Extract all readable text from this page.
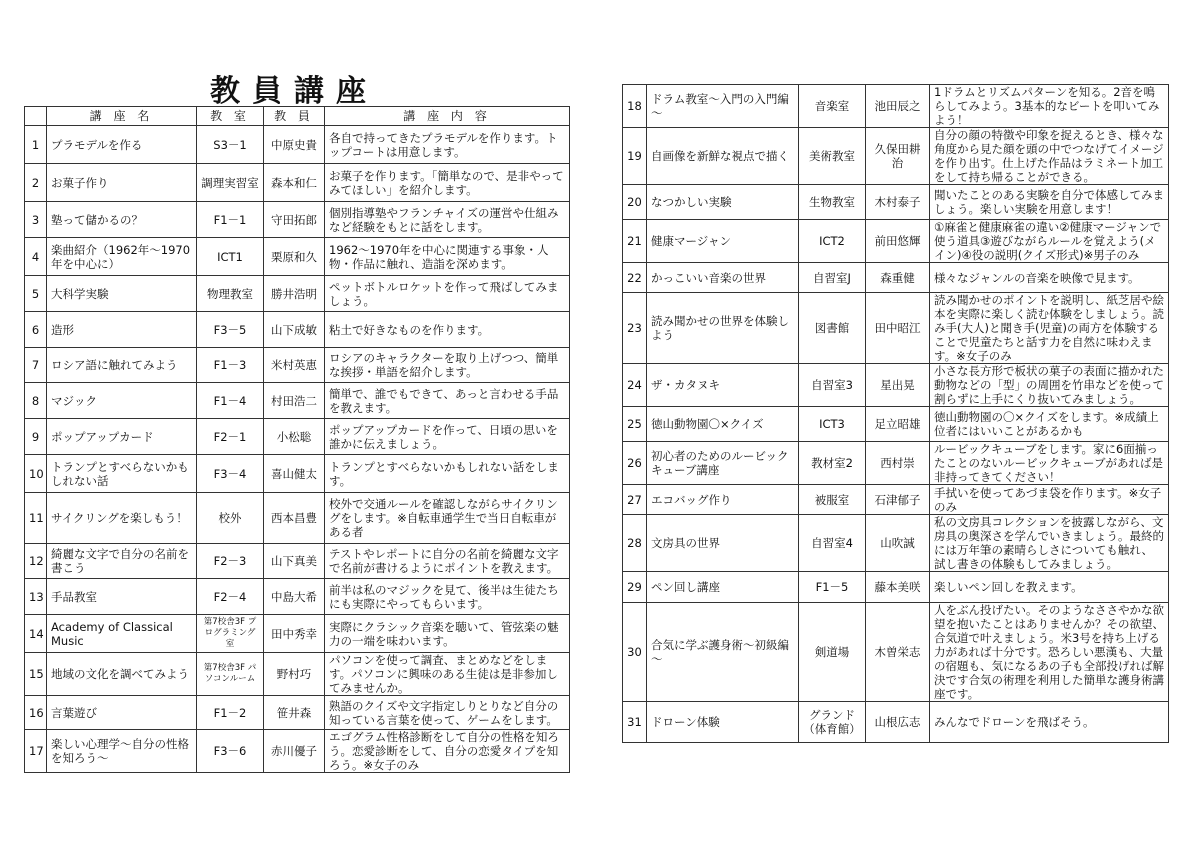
教員講座
	講 座 名	教 室	教 員	講 座 内 容
1	プラモデルを作る	S3－1	中原史貴	各自で持ってきたプラモデルを作ります。トップコートは用意します。
2	お菓子作り	調理実習室	森本和仁	お菓子を作ります。「簡単なので、是非やってみてほしい」を紹介します。
3	塾って儲かるの？	F1－1	守田拓郎	個別指導塾やフランチャイズの運営や仕組みなど経験をもとに話をします。
4	楽曲紹介（1962年～1970年を中心に）	ICT1	栗原和久	1962～1970年を中心に関連する事象・人物・作品に触れ、造詣を深めます。
5	大科学実験	物理教室	勝井浩明	ペットボトルロケットを作って飛ばしてみましょう。
6	造形	F3－5	山下成敏	粘土で好きなものを作ります。
7	ロシア語に触れてみよう	F1－3	米村英恵	ロシアのキャラクターを取り上げつつ、簡単な挨拶・単語を紹介します。
8	マジック	F1－4	村田浩二	簡単で、誰でもできて、あっと言わせる手品を教えます。
9	ポップアップカード	F2－1	小松聡	ポップアップカードを作って、日頃の思いを誰かに伝えましょう。
10	トランプとすべらないかもしれない話	F3－4	喜山健太	トランプとすべらないかもしれない話をします。
11	サイクリングを楽しもう！	校外	西本昌豊	校外で交通ルールを確認しながらサイクリングをします。※自転車通学生で当日自転車がある者
12	綺麗な文字で自分の名前を書こう	F2－3	山下真美	テストやレポートに自分の名前を綺麗な文字で名前が書けるようにポイントを教えます。
13	手品教室	F2－4	中島大希	前半は私のマジックを見て、後半は生徒たちにも実際にやってもらいます。
14	Academy of Classical Music	第7校舎3F プログラミング室	田中秀幸	実際にクラシック音楽を聴いて、管弦楽の魅力の一端を味わいます。
15	地域の文化を調べてみよう	第7校舎3F パソコンルーム	野村巧	パソコンを使って調査、まとめなどをします。パソコンに興味のある生徒は是非参加してみませんか。
16	言葉遊び	F1－2	笹井森	熟語のクイズや文字指定しりとりなど自分の知っている言葉を使って、ゲームをします。
17	楽しい心理学～自分の性格を知ろう～	F3－6	赤川優子	エゴグラム性格診断をして自分の性格を知ろう。恋愛診断をして、自分の恋愛タイプを知ろう。※女子のみ
18	ドラム教室～入門の入門編～	音楽室	池田辰之	1ドラムとリズムパターンを知る。2音を鳴らしてみよう。3基本的なビートを叩いてみよう！
19	自画像を新鮮な視点で描く	美術教室	久保田耕治	自分の顔の特徴や印象を捉えるとき、様々な角度から見た顔を頭の中でつなげてイメージを作り出す。仕上げた作品はラミネート加工をして持ち帰ることができる。
20	なつかしい実験	生物教室	木村泰子	聞いたことのある実験を自分で体感してみましょう。楽しい実験を用意します！
21	健康マージャン	ICT2	前田悠輝	①麻雀と健康麻雀の違い②健康マージャンで使う道具③遊びながらルールを覚えよう(メイン)④役の説明(クイズ形式)※男子のみ
22	かっこいい音楽の世界	自習室J	森重健	様々なジャンルの音楽を映像で見ます。
23	読み聞かせの世界を体験しよう	図書館	田中昭江	読み聞かせのポイントを説明し、紙芝居や絵本を実際に楽しく読む体験をしましょう。読み手(大人)と聞き手(児童)の両方を体験することで児童たちと話す力を自然に味わえます。※女子のみ
24	ザ・カタヌキ	自習室3	星出晃	小さな長方形で板状の菓子の表面に描かれた動物などの「型」の周囲を竹串などを使って割らずに上手にくり抜いてみましょう。
25	徳山動物園〇×クイズ	ICT3	足立昭雄	徳山動物園の〇×クイズをします。※成績上位者にはいいことがあるかも
26	初心者のためのルービックキューブ講座	教材室2	西村崇	ルービックキューブをします。家に6面揃ったことのないルービックキューブがあれば是非持ってきてください！
27	エコバッグ作り	被服室	石津郁子	手拭いを使ってあづま袋を作ります。※女子のみ
28	文房具の世界	自習室4	山吹誠	私の文房具コレクションを披露しながら、文房具の奥深さを学んでいきましょう。最終的には万年筆の素晴らしさについても触れ、試し書きの体験もしてみましょう。
29	ペン回し講座	F1－5	藤本美咲	楽しいペン回しを教えます。
30	合気に学ぶ護身術～初級編～	剣道場	木曽栄志	人をぶん投げたい。そのようなささやかな欲望を抱いたことはありませんか？その欲望、合気道で叶えましょう。米3号を持ち上げる力があれば十分です。恐ろしい悪漢も、大量の宿題も、気になるあの子も全部投げれば解決です合気の術理を利用した簡単な護身術講座です。
31	ドローン体験	グランド（体育館）	山根広志	みんなでドローンを飛ばそう。
